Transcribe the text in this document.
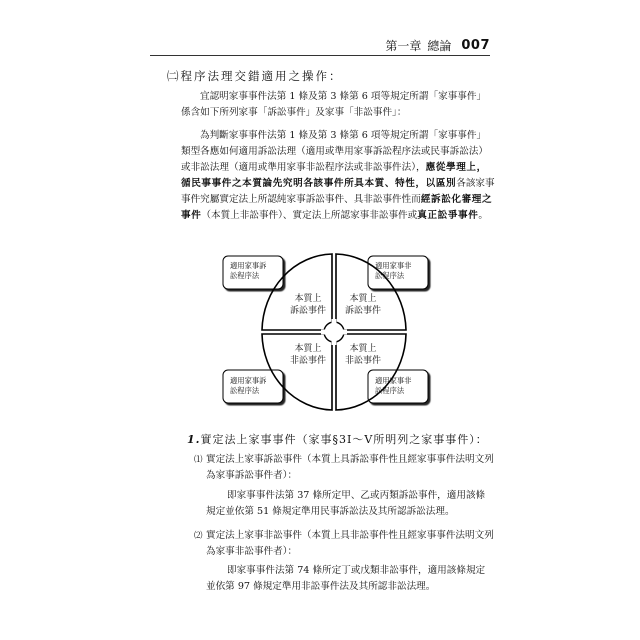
第一章 總論 007
㈡程序法理交錯適用之操作：
宜認明家事事件法第 1 條及第 3 條第 6 項等規定所謂「家事事件」係含如下所列家事「訴訟事件」及家事「非訟事件」：
為判斷家事事件法第 1 條及第 3 條第 6 項等規定所謂「家事事件」類型各應如何適用訴訟法理（適用或準用家事訴訟程序法或民事訴訟法）或非訟法理（適用或準用家事非訟程序法或非訟事件法），應從學理上，循民事事件之本質論先究明各該事件所具本質、特性，以區別各該家事事件究屬實定法上所認純家事訴訟事件、具非訟事件性而經訴訟化審理之事件（本質上非訟事件）、實定法上所認家事非訟事件或真正訟爭事件。
本質上
訴訟事件
本質上
訴訟事件
本質上
非訟事件
本質上
非訟事件
適用家事訴
訟程序法
適用家事非
訟程序法
適用家事訴
訟程序法
適用家事非
訟程序法
1.實定法上家事事件（家事§3Ⅰ～Ⅴ所明列之家事事件）：
⑴ 實定法上家事訴訟事件（本質上具訴訟事件性且經家事事件法明文列為家事訴訟事件者）：
即家事事件法第 37 條所定甲、乙或丙類訴訟事件，適用該條規定並依第 51 條規定準用民事訴訟法及其所認訴訟法理。
⑵ 實定法上家事非訟事件（本質上具非訟事件性且經家事事件法明文列為家事非訟事件者）：
即家事事件法第 74 條所定丁或戊類非訟事件，適用該條規定並依第 97 條規定準用非訟事件法及其所認非訟法理。
